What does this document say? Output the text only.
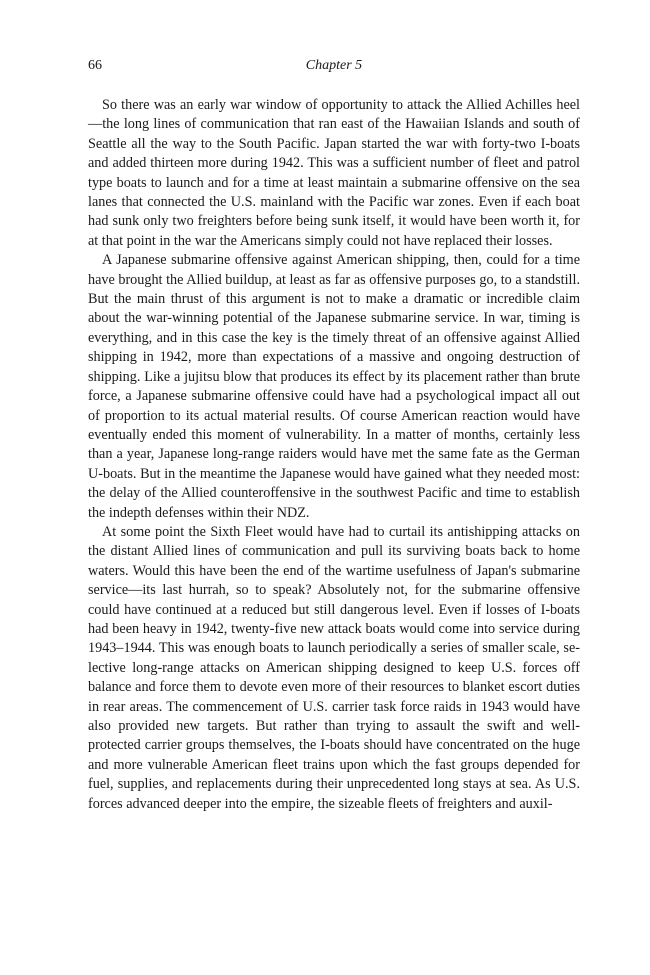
66	Chapter 5

So there was an early war window of opportunity to attack the Allied Achilles heel—the long lines of communication that ran east of the Hawaiian Islands and south of Seattle all the way to the South Pacific. Japan started the war with forty-two I-boats and added thirteen more during 1942. This was a sufficient number of fleet and patrol type boats to launch and for a time at least maintain a submarine offensive on the sea lanes that connected the U.S. mainland with the Pacific war zones. Even if each boat had sunk only two freighters before being sunk itself, it would have been worth it, for at that point in the war the Americans simply could not have replaced their losses.

A Japanese submarine offensive against American shipping, then, could for a time have brought the Allied buildup, at least as far as offensive purposes go, to a standstill. But the main thrust of this argument is not to make a dramatic or incredible claim about the war-winning potential of the Japanese submarine service. In war, timing is everything, and in this case the key is the timely threat of an offensive against Allied shipping in 1942, more than expectations of a massive and ongoing destruction of shipping. Like a jujitsu blow that produces its effect by its placement rather than brute force, a Japanese submarine offensive could have had a psychological impact all out of proportion to its actual material results. Of course American reaction would have eventually ended this moment of vulnerability. In a matter of months, certainly less than a year, Japanese long-range raiders would have met the same fate as the German U-boats. But in the meantime the Japanese would have gained what they needed most: the delay of the Allied counteroffensive in the southwest Pacific and time to establish the indepth defenses within their NDZ.

At some point the Sixth Fleet would have had to curtail its antishipping attacks on the distant Allied lines of communication and pull its surviving boats back to home waters. Would this have been the end of the wartime usefulness of Japan's submarine service—its last hurrah, so to speak? Absolutely not, for the submarine offensive could have continued at a reduced but still dangerous level. Even if losses of I-boats had been heavy in 1942, twenty-five new attack boats would come into service during 1943–1944. This was enough boats to launch periodically a series of smaller scale, selective long-range attacks on American shipping designed to keep U.S. forces off balance and force them to devote even more of their resources to blanket escort duties in rear areas. The commencement of U.S. carrier task force raids in 1943 would have also provided new targets. But rather than trying to assault the swift and well-protected carrier groups themselves, the I-boats should have concentrated on the huge and more vulnerable American fleet trains upon which the fast groups depended for fuel, supplies, and replacements during their unprecedented long stays at sea. As U.S. forces advanced deeper into the empire, the sizeable fleets of freighters and auxil-
